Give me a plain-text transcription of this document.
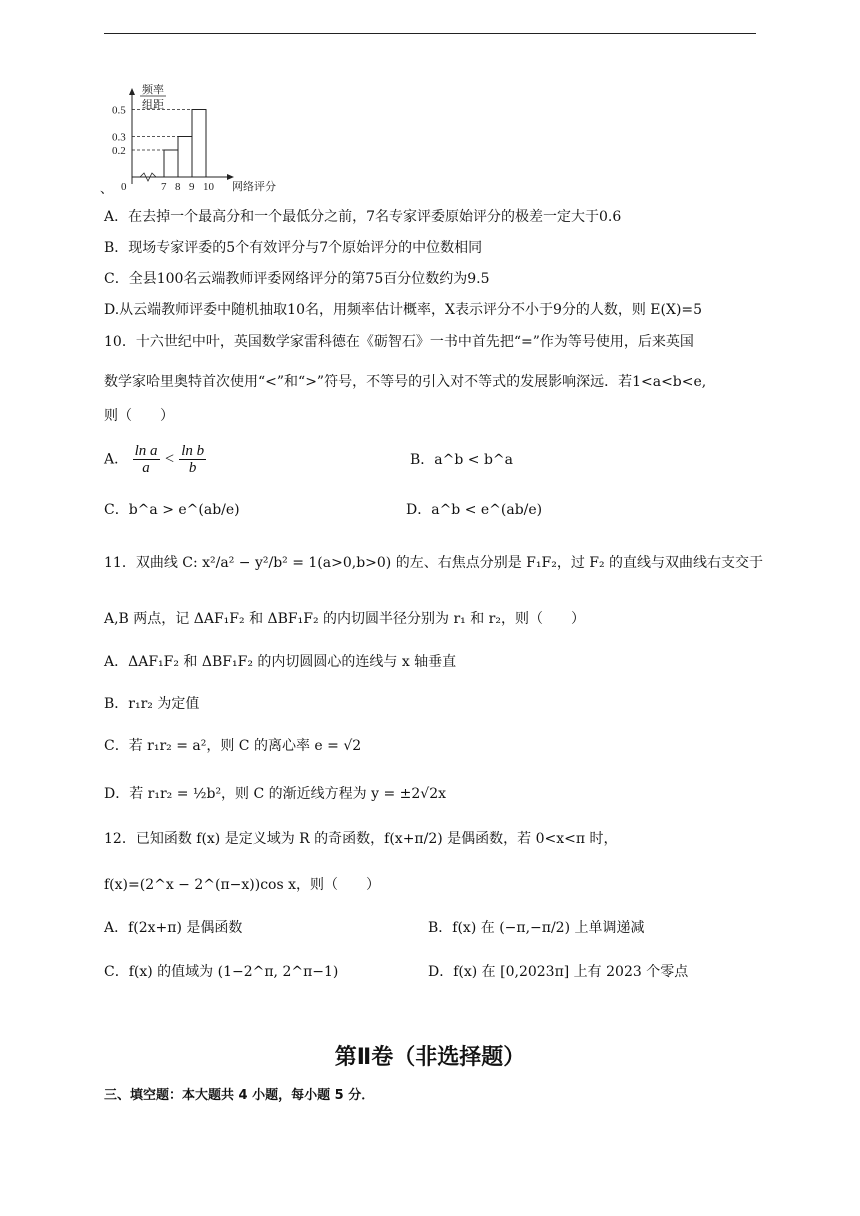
频率
组距
0.5
0.3
0.2
0	7 8 9 10 网络评分
、
A．在去掉一个最高分和一个最低分之前，7名专家评委原始评分的极差一定大于0.6
B．现场专家评委的5个有效评分与7个原始评分的中位数相同
C．全县100名云端教师评委网络评分的第75百分位数约为9.5
D.从云端教师评委中随机抽取10名，用频率估计概率，X表示评分不小于9分的人数，则 E(X)=5
10．十六世纪中叶，英国数学家雷科德在《砺智石》一书中首先把“=”作为等号使用，后来英国
数学家哈里奥特首次使用“<”和“>”符号，不等号的引入对不等式的发展影响深远．若1<a<b<e,
则（　　）
A． $\frac{\text{ln a}}{a} < \frac{\text{ln b}}{b}$	B．a^b < b^a
C．b^a > e^(ab/e)	D．a^b < e^(ab/e)
11．双曲线 C: x²/a² − y²/b² = 1(a>0,b>0) 的左、右焦点分别是 F₁F₂，过 F₂ 的直线与双曲线右支交于
A,B 两点，记 ΔAF₁F₂ 和 ΔBF₁F₂ 的内切圆半径分别为 r₁ 和 r₂，则（　　）
A．ΔAF₁F₂ 和 ΔBF₁F₂ 的内切圆圆心的连线与 x 轴垂直
B．r₁r₂ 为定值
C．若 r₁r₂ = a²，则 C 的离心率 e = √2
D．若 r₁r₂ = ½b²，则 C 的渐近线方程为 y = ±2√2x
12．已知函数 f(x) 是定义域为 R 的奇函数，f(x+π/2) 是偶函数，若 0<x<π 时，
f(x)=(2^x − 2^(π−x))cos x，则（　　）
A．f(2x+π) 是偶函数	B．f(x) 在 (−π,−π/2) 上单调递减
C．f(x) 的值域为 (1−2^π, 2^π−1)	D．f(x) 在 [0,2023π] 上有 2023 个零点
第Ⅱ卷（非选择题）
三、填空题：本大题共 4 小题，每小题 5 分．
